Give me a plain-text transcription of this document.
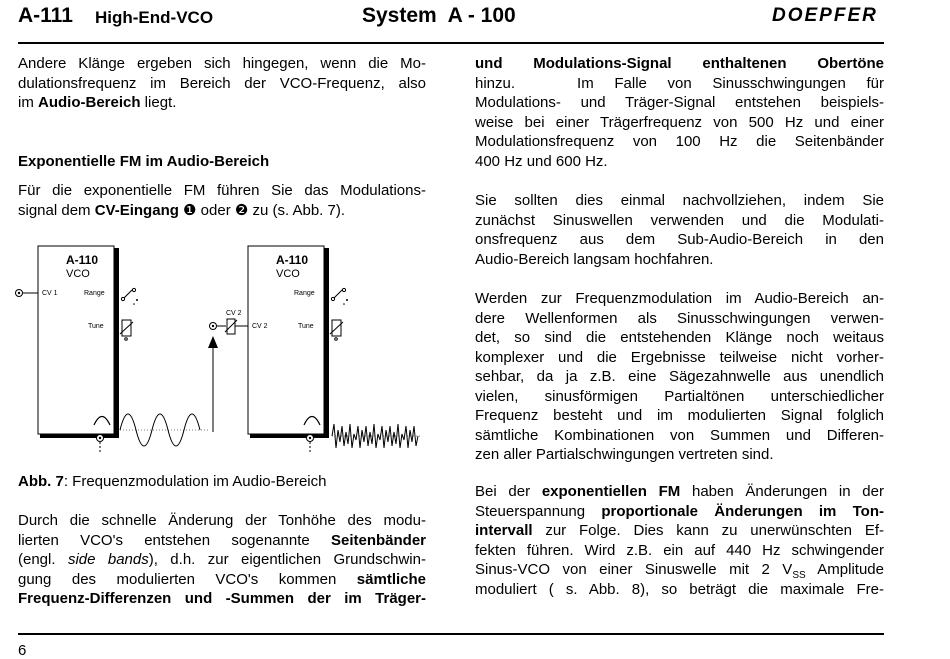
A-111 High-End-VCO	System  A - 100	DOEPFER
Andere Klänge ergeben sich hingegen, wenn die Mo-
dulationsfrequenz im Bereich der VCO-Frequenz, also
im Audio-Bereich liegt.
Exponentielle FM im Audio-Bereich
Für die exponentielle FM führen Sie das Modulations-
signal dem CV-Eingang ❶ oder ❷ zu (s. Abb. 7).
A-110
VCO
Range
Tune
CV 1
A-110
VCO
Range
Tune
CV 2
CV 2
Abb. 7: Frequenzmodulation im Audio-Bereich
Durch die schnelle Änderung der Tonhöhe des modu-
lierten VCO's entstehen sogenannte Seitenbänder
(engl. side bands), d.h. zur eigentlichen Grundschwin-
gung des modulierten VCO's kommen sämtliche
Frequenz-Differenzen und -Summen der im Träger-
und Modulations-Signal enthaltenen Obertöne
hinzu.   Im Falle von Sinusschwingungen für
Modulations- und Träger-Signal entstehen beispiels-
weise bei einer Trägerfrequenz von 500 Hz und einer
Modulationsfrequenz von 100 Hz die Seitenbänder
400 Hz und 600 Hz.
Sie sollten dies einmal nachvollziehen, indem Sie
zunächst Sinuswellen verwenden und die Modulati-
onsfrequenz aus dem Sub-Audio-Bereich in den
Audio-Bereich langsam hochfahren.
Werden zur Frequenzmodulation im Audio-Bereich an-
dere Wellenformen als Sinusschwingungen verwen-
det, so sind die entstehenden Klänge noch weitaus
komplexer und die Ergebnisse teilweise nicht vorher-
sehbar, da ja z.B. eine Sägezahnwelle aus unendlich
vielen, sinusförmigen Partialtönen unterschiedlicher
Frequenz besteht und im modulierten Signal folglich
sämtliche Kombinationen von Summen und Differen-
zen aller Partialschwingungen vertreten sind.
Bei der exponentiellen FM haben Änderungen in der
Steuerspannung proportionale Änderungen im Ton-
intervall zur Folge. Dies kann zu unerwünschten Ef-
fekten führen. Wird z.B. ein auf 440 Hz schwingender
Sinus-VCO von einer Sinuswelle mit 2 $V_{SS}$ Amplitude
moduliert ( s. Abb. 8), so beträgt die maximale Fre-
6
